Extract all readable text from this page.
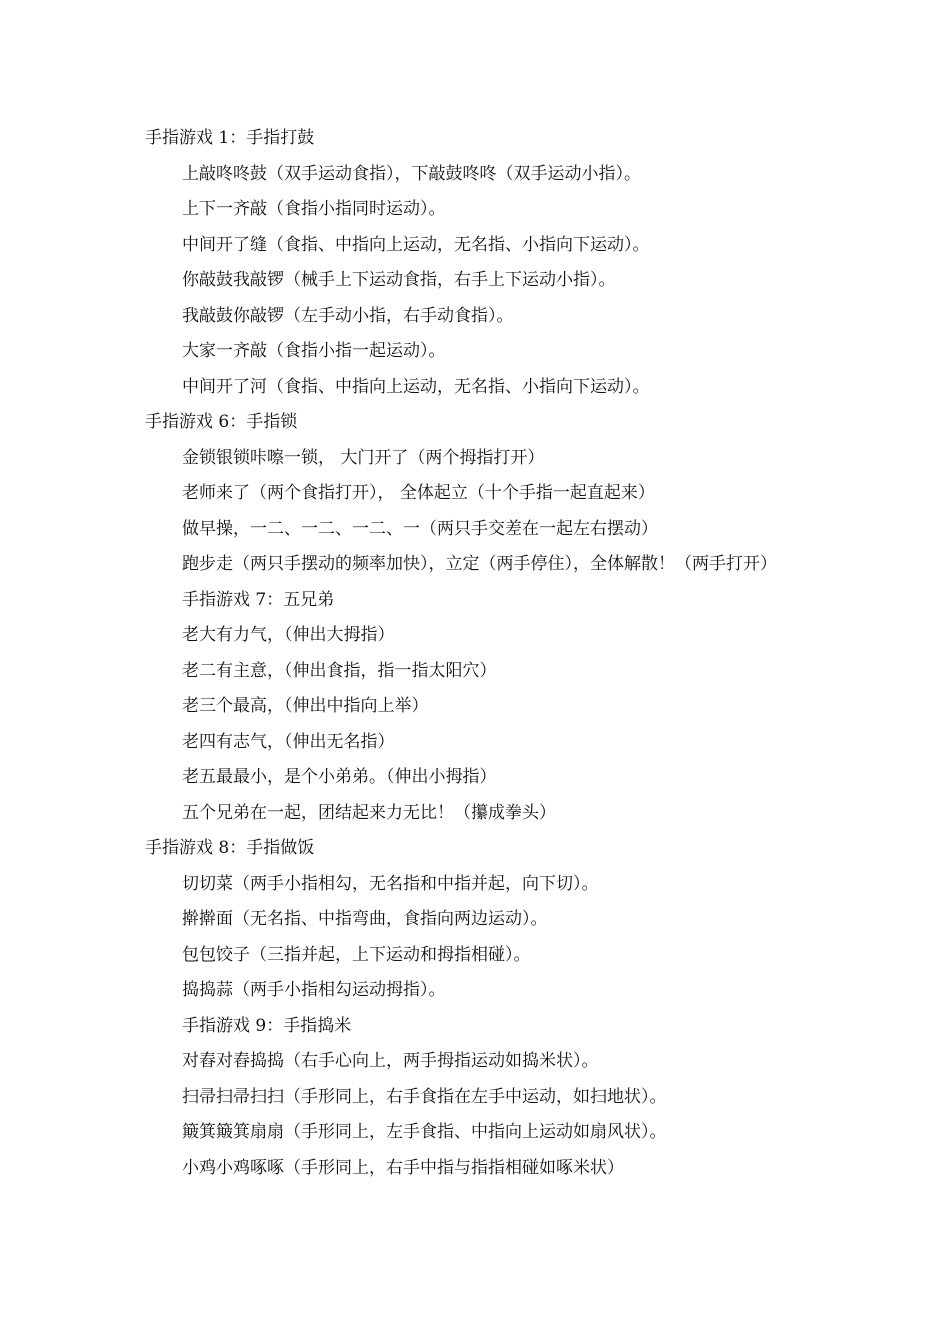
手指游戏 1：手指打鼓

上敲咚咚鼓（双手运动食指），下敲鼓咚咚（双手运动小指）。

上下一齐敲（食指小指同时运动）。

中间开了缝（食指、中指向上运动，无名指、小指向下运动）。

你敲鼓我敲锣（械手上下运动食指，右手上下运动小指）。

我敲鼓你敲锣（左手动小指，右手动食指）。

大家一齐敲（食指小指一起运动）。

中间开了河（食指、中指向上运动，无名指、小指向下运动）。

手指游戏 6：手指锁

金锁银锁咔嚓一锁， 大门开了（两个拇指打开）

老师来了（两个食指打开）， 全体起立（十个手指一起直起来）

做早操，一二、一二、一二、一（两只手交差在一起左右摆动）

跑步走（两只手摆动的频率加快），立定（两手停住），全体解散！（两手打开）

手指游戏 7：五兄弟

老大有力气，（伸出大拇指）

老二有主意，（伸出食指，指一指太阳穴）

老三个最高，（伸出中指向上举）

老四有志气，（伸出无名指）

老五最最小，是个小弟弟。（伸出小拇指）

五个兄弟在一起，团结起来力无比！（攥成拳头）

手指游戏 8：手指做饭

切切菜（两手小指相勾，无名指和中指并起，向下切）。

擀擀面（无名指、中指弯曲，食指向两边运动）。

包包饺子（三指并起，上下运动和拇指相碰）。

捣捣蒜（两手小指相勾运动拇指）。

手指游戏 9：手指捣米

对舂对舂捣捣（右手心向上，两手拇指运动如捣米状）。

扫帚扫帚扫扫（手形同上，右手食指在左手中运动，如扫地状）。

簸箕簸箕扇扇（手形同上，左手食指、中指向上运动如扇风状）。

小鸡小鸡啄啄（手形同上，右手中指与指指相碰如啄米状）
